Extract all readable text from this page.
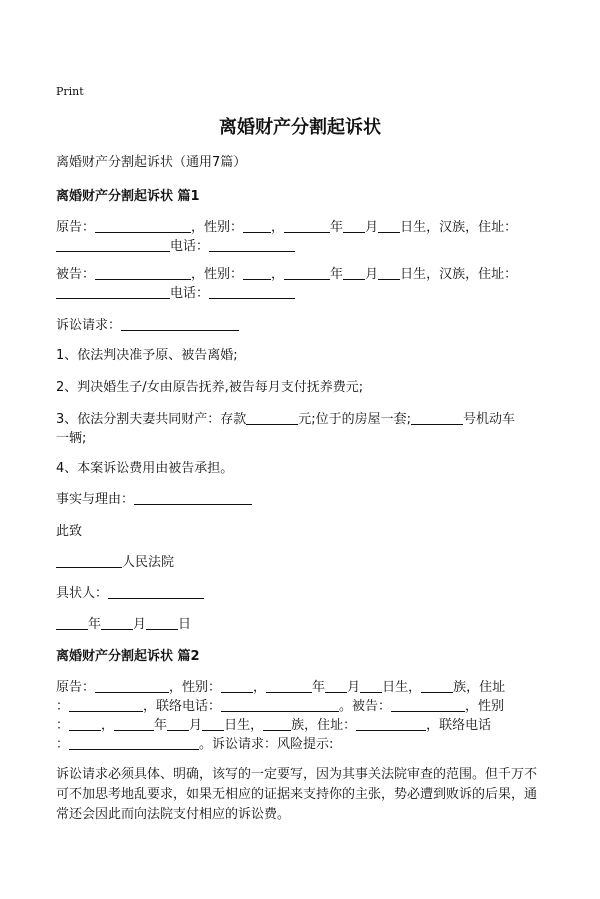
Print
离婚财产分割起诉状
离婚财产分割起诉状（通用7篇）
离婚财产分割起诉状 篇1
原告：	，性别： ，	年 月 日生，汉族，住址：
电话：
被告：	，性别： ，	年 月 日生，汉族，住址：
电话：
诉讼请求：
1、依法判决准予原、被告离婚;
2、判决婚生子/女由原告抚养,被告每月支付抚养费元;
3、依法分割夫妻共同财产：存款	元;位于的房屋一套;	号机动车
一辆;
4、本案诉讼费用由被告承担。
事实与理由：
此致
人民法院
具状人：
年 月 日
离婚财产分割起诉状 篇2
原告：	，性别： ，	年 月 日生， 族，住址
：	，联络电话：	。被告：	，性别
： ，	年 月 日生， 族，住址：	，联络电话
：	。诉讼请求：风险提示:
诉讼请求必须具体、明确，该写的一定要写，因为其事关法院审查的范围。但千万不可不加思考地乱要求，如果无相应的证据来支持你的主张，势必遭到败诉的后果，通常还会因此而向法院支付相应的诉讼费。
